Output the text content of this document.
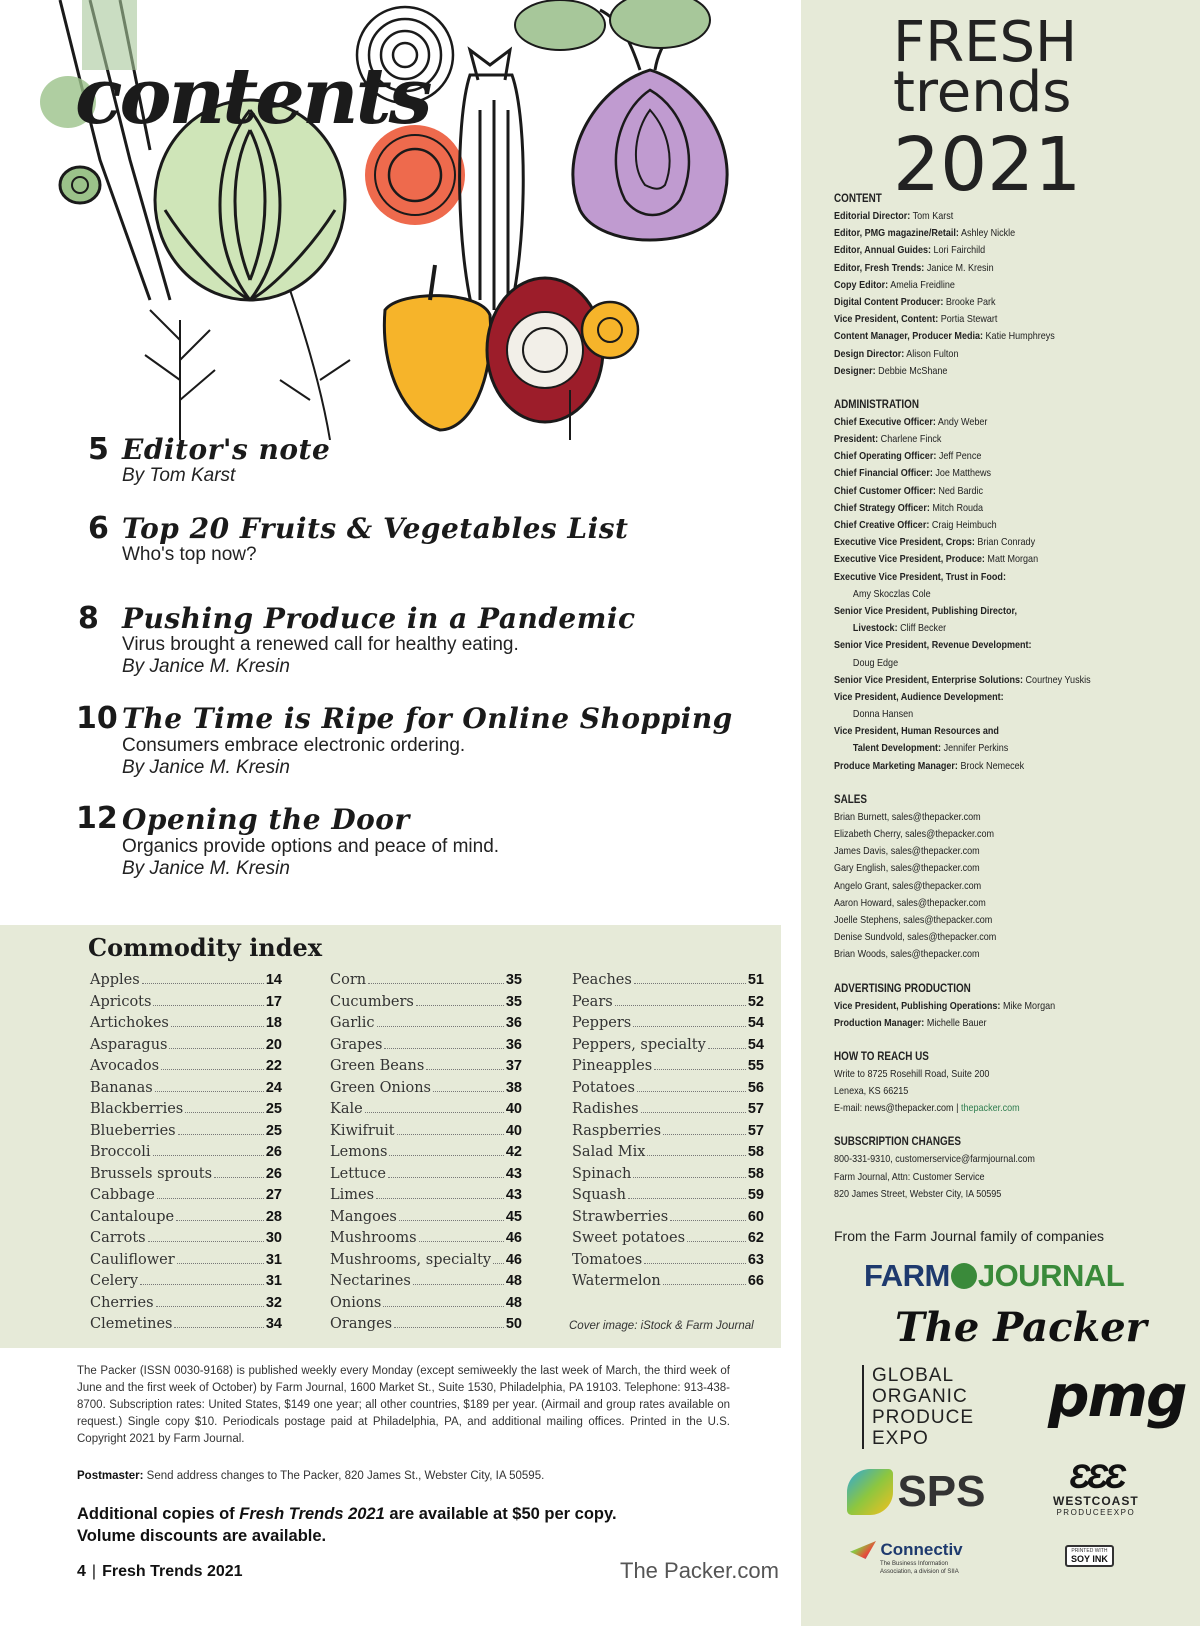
contents
5 Editor's note
By Tom Karst
6 Top 20 Fruits & Vegetables List
Who's top now?
8 Pushing Produce in a Pandemic
Virus brought a renewed call for healthy eating.
By Janice M. Kresin
10 The Time is Ripe for Online Shopping
Consumers embrace electronic ordering.
By Janice M. Kresin
12 Opening the Door
Organics provide options and peace of mind.
By Janice M. Kresin
Commodity index
Apples	14
Apricots	17
Artichokes	18
Asparagus	20
Avocados	22
Bananas	24
Blackberries	25
Blueberries	25
Broccoli	26
Brussels sprouts	26
Cabbage	27
Cantaloupe	28
Carrots	30
Cauliflower	31
Celery	31
Cherries	32
Clemetines	34
Corn	35
Cucumbers	35
Garlic	36
Grapes	36
Green Beans	37
Green Onions	38
Kale	40
Kiwifruit	40
Lemons	42
Lettuce	43
Limes	43
Mangoes	45
Mushrooms	46
Mushrooms, specialty 46
Nectarines	48
Onions	48
Oranges	50
Peaches	51
Pears	52
Peppers	54
Peppers, specialty	54
Pineapples	55
Potatoes	56
Radishes	57
Raspberries	57
Salad Mix	58
Spinach	58
Squash	59
Strawberries	60
Sweet potatoes	62
Tomatoes	63
Watermelon	66
Cover image: iStock & Farm Journal
The Packer (ISSN 0030-9168) is published weekly every Monday (except semiweekly the last week of March, the third week of June and the first week of October) by Farm Journal, 1600 Market St., Suite 1530, Philadelphia, PA 19103. Telephone: 913-438-8700. Subscription rates: United States, $149 one year; all other countries, $189 per year. (Airmail and group rates available on request.) Single copy $10. Periodicals postage paid at Philadelphia, PA, and additional mailing offices. Printed in the U.S. Copyright 2021 by Farm Journal.
Postmaster: Send address changes to The Packer, 820 James St., Webster City, IA 50595.
Additional copies of Fresh Trends 2021 are available at $50 per copy.
Volume discounts are available.
4 | Fresh Trends 2021	The Packer.com
FRESH
trends
2021
CONTENT
Editorial Director: Tom Karst
Editor, PMG magazine/Retail: Ashley Nickle
Editor, Annual Guides: Lori Fairchild
Editor, Fresh Trends: Janice M. Kresin
Copy Editor: Amelia Freidline
Digital Content Producer: Brooke Park
Vice President, Content: Portia Stewart
Content Manager, Producer Media: Katie Humphreys
Design Director: Alison Fulton
Designer: Debbie McShane
ADMINISTRATION
Chief Executive Officer: Andy Weber
President: Charlene Finck
Chief Operating Officer: Jeff Pence
Chief Financial Officer: Joe Matthews
Chief Customer Officer: Ned Bardic
Chief Strategy Officer: Mitch Rouda
Chief Creative Officer: Craig Heimbuch
Executive Vice President, Crops: Brian Conrady
Executive Vice President, Produce: Matt Morgan
Executive Vice President, Trust in Food:
Amy Skoczlas Cole
Senior Vice President, Publishing Director,
Livestock: Cliff Becker
Senior Vice President, Revenue Development:
Doug Edge
Senior Vice President, Enterprise Solutions: Courtney Yuskis
Vice President, Audience Development:
Donna Hansen
Vice President, Human Resources and
Talent Development: Jennifer Perkins
Produce Marketing Manager: Brock Nemecek
SALES
Brian Burnett, sales@thepacker.com
Elizabeth Cherry, sales@thepacker.com
James Davis, sales@thepacker.com
Gary English, sales@thepacker.com
Angelo Grant, sales@thepacker.com
Aaron Howard, sales@thepacker.com
Joelle Stephens, sales@thepacker.com
Denise Sundvold, sales@thepacker.com
Brian Woods, sales@thepacker.com
ADVERTISING PRODUCTION
Vice President, Publishing Operations: Mike Morgan
Production Manager: Michelle Bauer
HOW TO REACH US
Write to 8725 Rosehill Road, Suite 200
Lenexa, KS 66215
E-mail: news@thepacker.com | thepacker.com
SUBSCRIPTION CHANGES
800-331-9310, customerservice@farmjournal.com
Farm Journal, Attn: Customer Service
820 James Street, Webster City, IA 50595
From the Farm Journal family of companies
FARM JOURNAL
The Packer
GLOBAL
ORGANIC
PRODUCE
EXPO
pmg
SPS	ƐƐƐ
WESTCOAST
PRODUCEEXPO
Connectiv
The Business Information
Association, a division of SIIA
PRINTED WITH
SOY INK
